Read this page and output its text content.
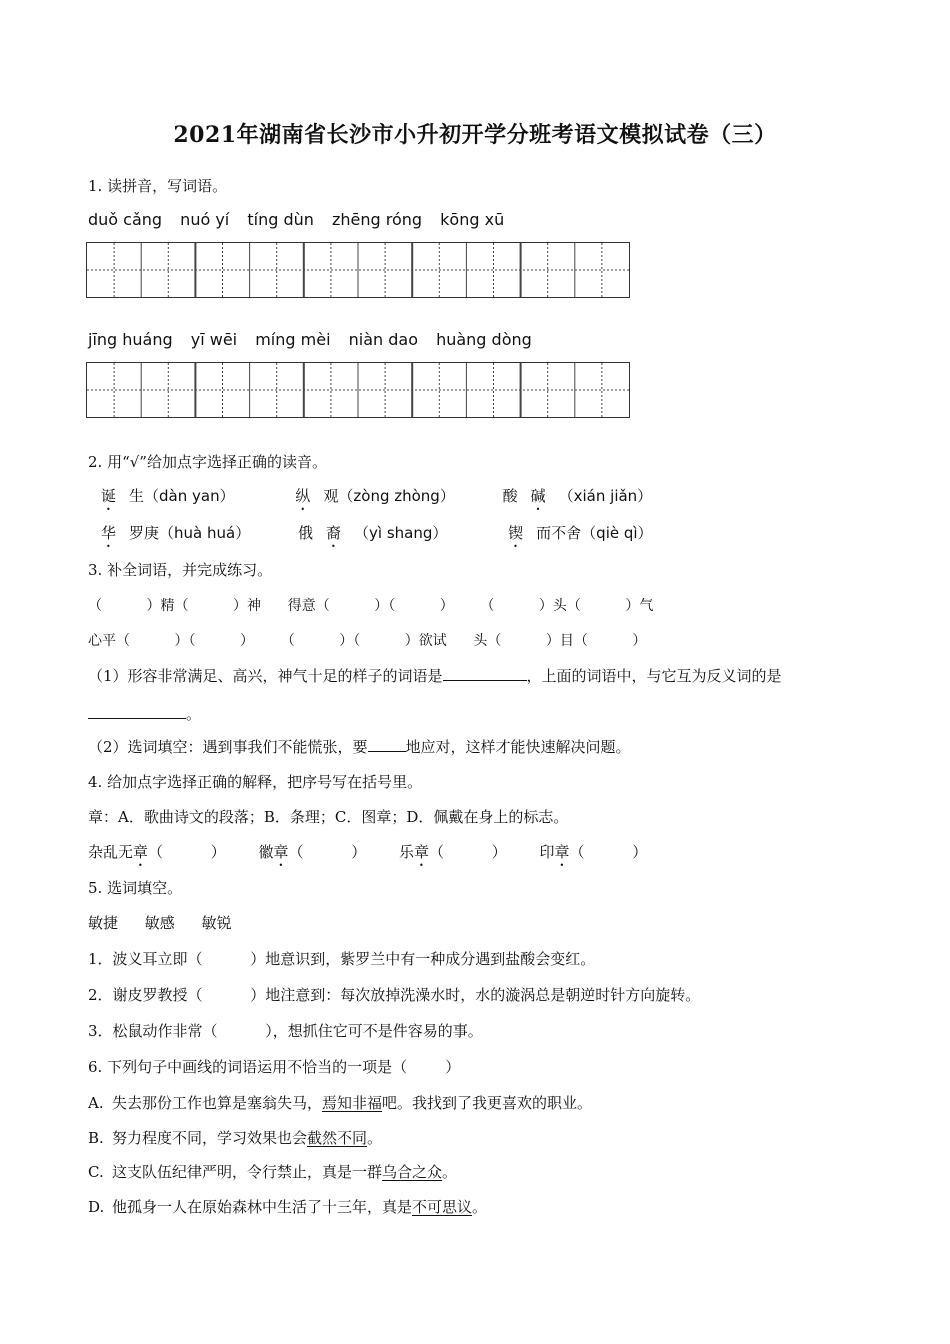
2021年湖南省长沙市小升初开学分班考语文模拟试卷（三）
1. 读拼音，写词语。
duǒ cǎng nuó yí tíng dùn zhēng róng kōng xū
jīng huáng yī wēi míng mèi niàn dao huàng dòng
2. 用“√”给加点字选择正确的读音。
诞 生（dàn yan）	纵 观（zòng zhòng）	酸 碱 （xián jiǎn）
华 罗庚（huà huá）	俄 裔 （yì shang）	锲 而不舍（qiè qì）
3. 补全词语，并完成练习。
（          ）精（          ）神      得意（          ）（          ）      （          ）头（          ）气
心平（          ）（          ）      （          ）（          ）欲试      头（          ）目（          ）
（1）形容非常满足、高兴，神气十足的样子的词语是	，上面的词语中，与它互为反义词的是
。
（2）选词填空：遇到事我们不能慌张，要	地应对，这样才能快速解决问题。
4. 给加点字选择正确的解释，把序号写在括号里。
章：A．歌曲诗文的段落；B．条理；C．图章；D．佩戴在身上的标志。
杂乱无章（          ） 徽章（          ） 乐章（          ） 印章（          ）
5. 选词填空。
敏捷 敏感 敏锐
1．波义耳立即（          ）地意识到，紫罗兰中有一种成分遇到盐酸会变红。
2．谢皮罗教授（          ）地注意到：每次放掉洗澡水时，水的漩涡总是朝逆时针方向旋转。
3．松鼠动作非常（          ），想抓住它可不是件容易的事。
6. 下列句子中画线的词语运用不恰当的一项是（        ）
A. 失去那份工作也算是塞翁失马，焉知非福吧。我找到了我更喜欢的职业。
B. 努力程度不同，学习效果也会截然不同。
C. 这支队伍纪律严明，令行禁止，真是一群乌合之众。
D. 他孤身一人在原始森林中生活了十三年，真是不可思议。
